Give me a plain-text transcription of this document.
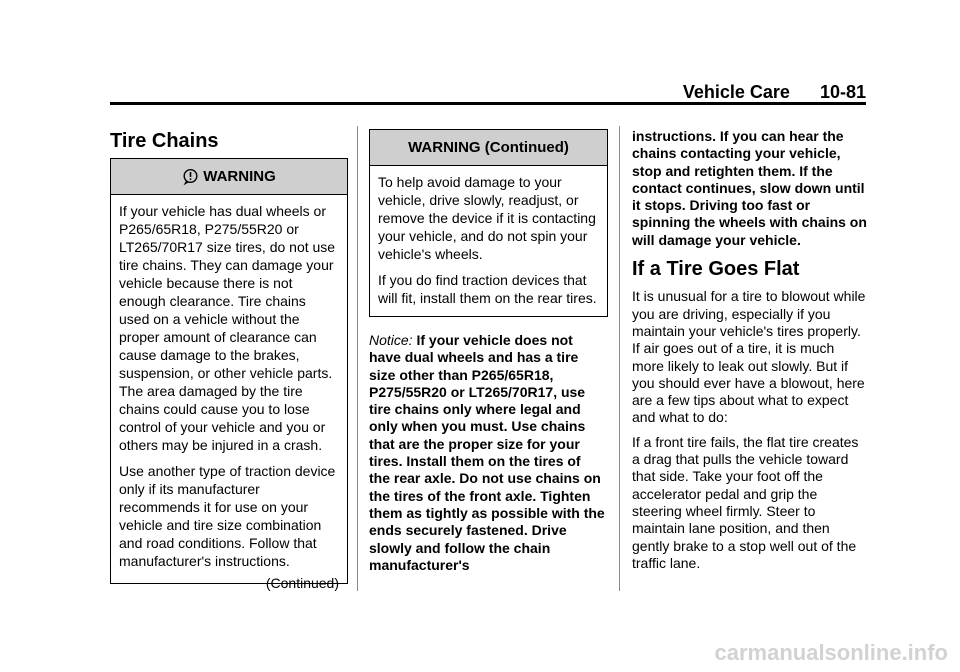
Vehicle Care 10-81
Tire Chains
WARNING

If your vehicle has dual wheels or P265/65R18, P275/55R20 or LT265/70R17 size tires, do not use tire chains. They can damage your vehicle because there is not enough clearance. Tire chains used on a vehicle without the proper amount of clearance can cause damage to the brakes, suspension, or other vehicle parts. The area damaged by the tire chains could cause you to lose control of your vehicle and you or others may be injured in a crash.

Use another type of traction device only if its manufacturer recommends it for use on your vehicle and tire size combination and road conditions. Follow that manufacturer's instructions.

(Continued)
WARNING (Continued)

To help avoid damage to your vehicle, drive slowly, readjust, or remove the device if it is contacting your vehicle, and do not spin your vehicle's wheels.

If you do find traction devices that will fit, install them on the rear tires.

Notice: If your vehicle does not have dual wheels and has a tire size other than P265/65R18, P275/55R20 or LT265/70R17, use tire chains only where legal and only when you must. Use chains that are the proper size for your tires. Install them on the tires of the rear axle. Do not use chains on the tires of the front axle. Tighten them as tightly as possible with the ends securely fastened. Drive slowly and follow the chain manufacturer's

instructions. If you can hear the chains contacting your vehicle, stop and retighten them. If the contact continues, slow down until it stops. Driving too fast or spinning the wheels with chains on will damage your vehicle.

If a Tire Goes Flat

It is unusual for a tire to blowout while you are driving, especially if you maintain your vehicle's tires properly. If air goes out of a tire, it is much more likely to leak out slowly. But if you should ever have a blowout, here are a few tips about what to expect and what to do:

If a front tire fails, the flat tire creates a drag that pulls the vehicle toward that side. Take your foot off the accelerator pedal and grip the steering wheel firmly. Steer to maintain lane position, and then gently brake to a stop well out of the traffic lane.

carmanualsonline.info
